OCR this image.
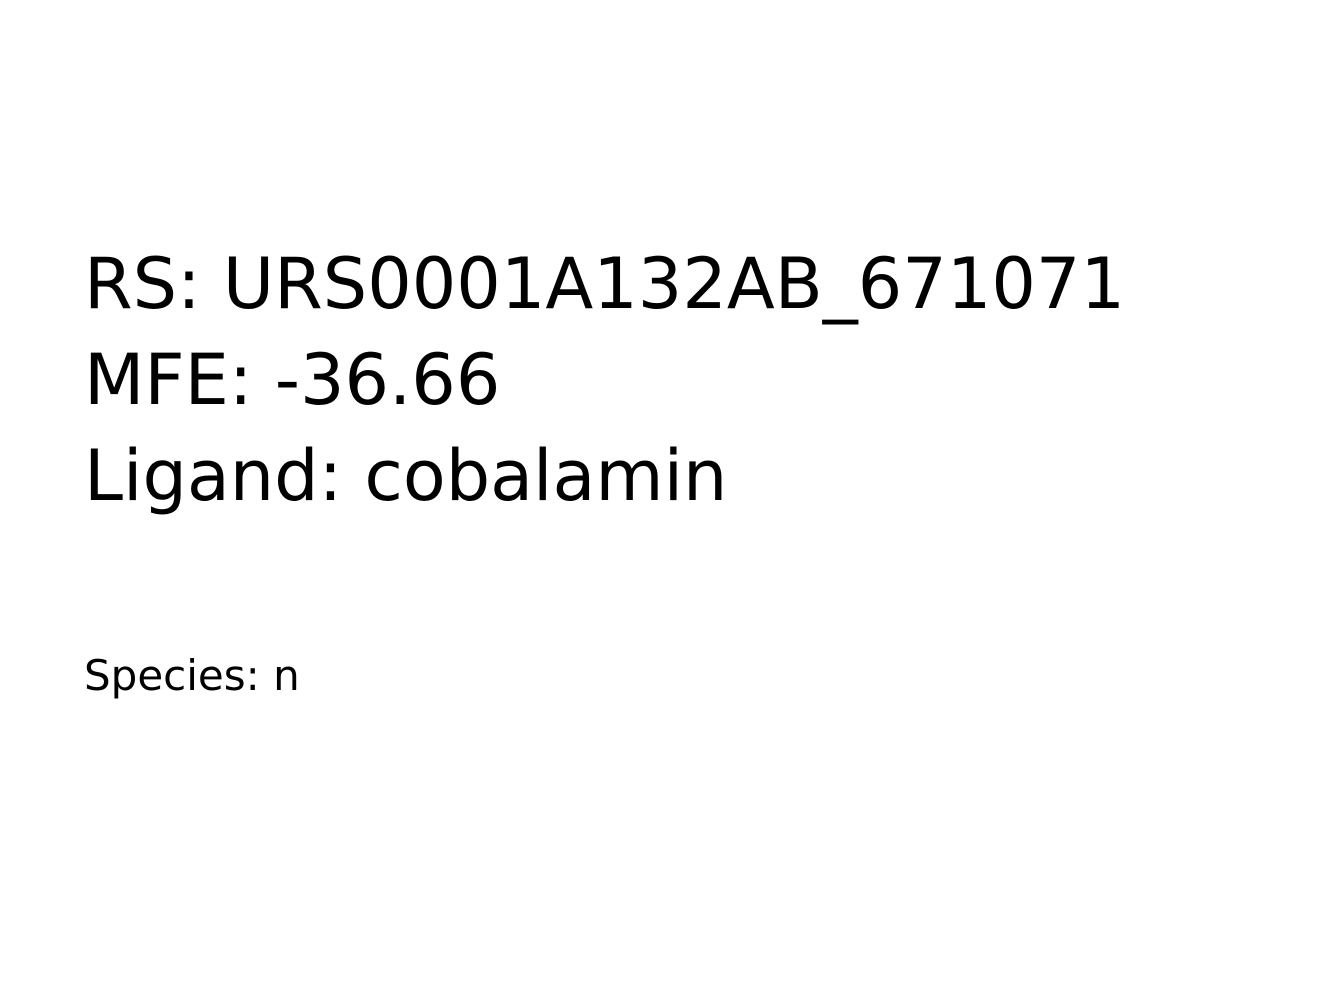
RS: URS0001A132AB_671071
MFE: -36.66
Ligand: cobalamin
Species: n
